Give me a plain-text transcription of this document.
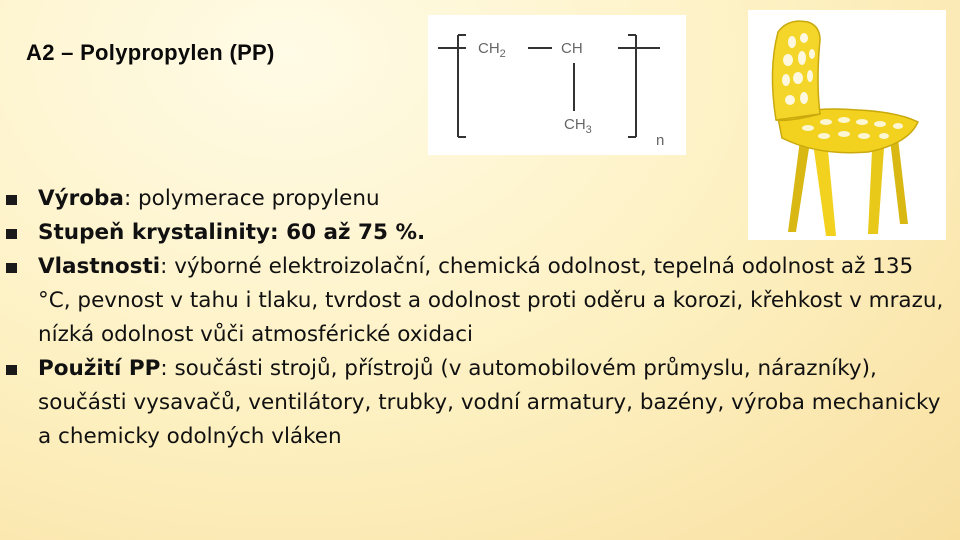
A2 – Polypropylen (PP)	$CH_2$	CH
$CH_3$
n
Výroba: polymerace propylenu
Stupeň krystalinity: 60 až 75 %.
Vlastnosti: výborné elektroizolační, chemická odolnost, tepelná odolnost až 135 °C, pevnost v tahu i tlaku, tvrdost a odolnost proti oděru a korozi, křehkost v mrazu, nízká odolnost vůči atmosférické oxidaci
Použití PP: součásti strojů, přístrojů (v automobilovém průmyslu, nárazníky), součásti vysavačů, ventilátory, trubky, vodní armatury, bazény, výroba mechanicky a chemicky odolných vláken
